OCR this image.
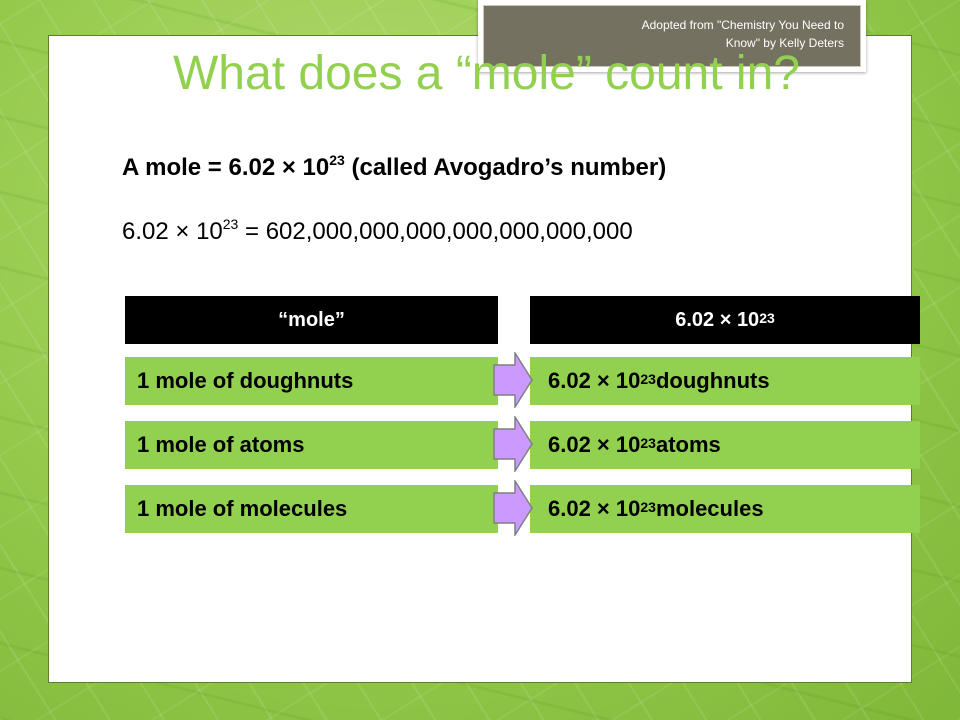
Adopted from "Chemistry You Need to Know" by Kelly Deters
What does a “mole” count in?
A mole = $6.02 \times 10^{23}$ (called Avogadro’s number)
$6.02 \times 10^{23} = 602,000,000,000,000,000,000,000$
“mole”	$6.02 \times 10^{23}$
1 mole of doughnuts	$6.02 \times 10^{23}$ doughnuts
1 mole of atoms	$6.02 \times 10^{23}$ atoms
1 mole of molecules	$6.02 \times 10^{23}$ molecules
